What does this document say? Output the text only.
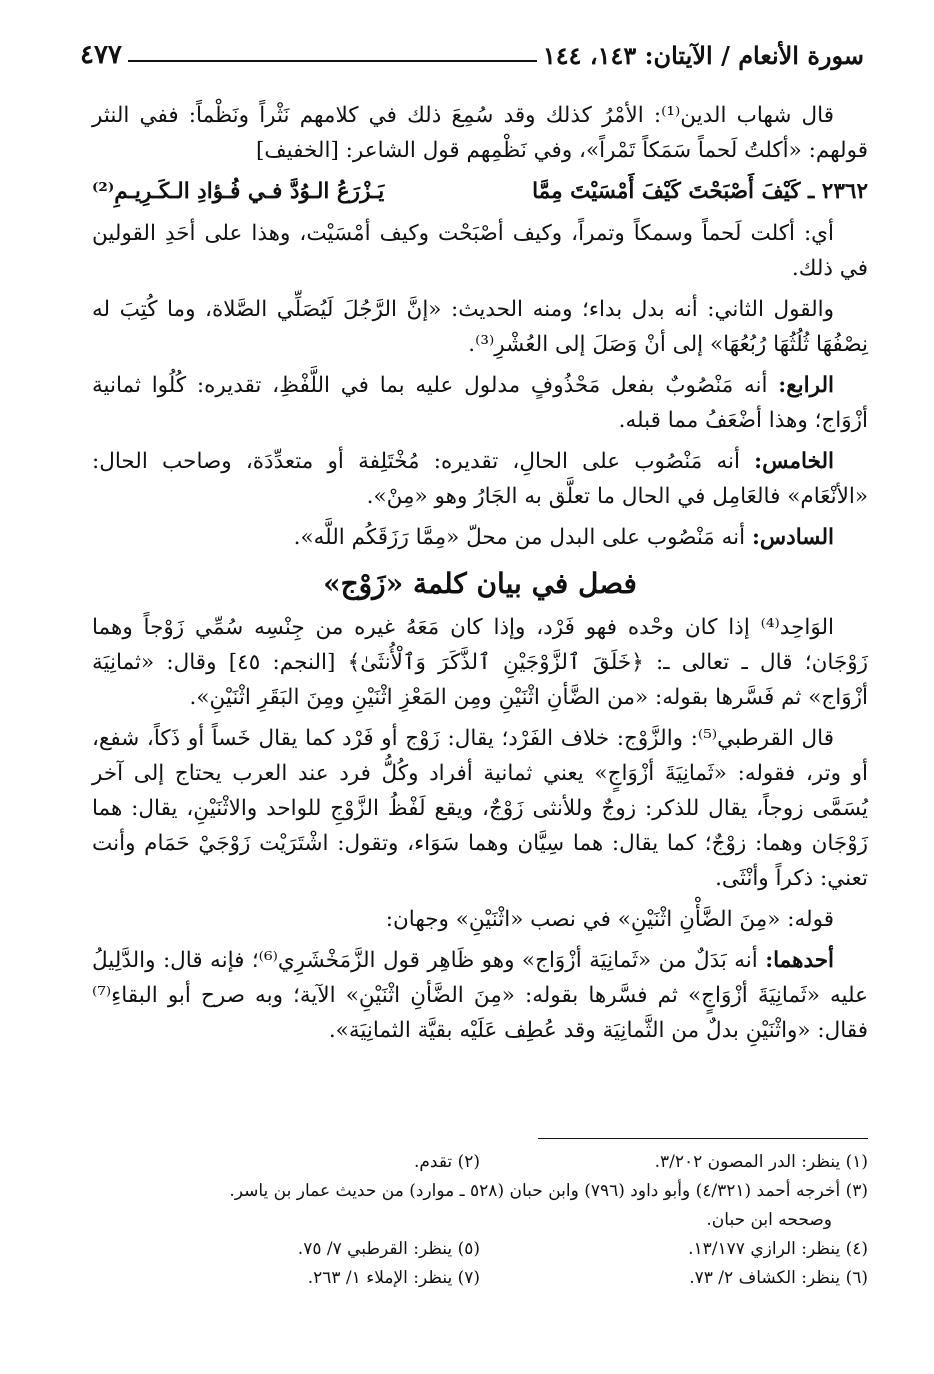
سورة الأنعام / الآيتان: ١٤٣، ١٤٤
٤٧٧

قال شهاب الدين⁽¹⁾: الأمْرُ كذلك وقد سُمِعَ ذلك في كلامهم نَثْراً ونَظْماً: ففي النثر قولهم: «أكلتُ لَحماً سَمَكاً تَمْراً»، وفي نَظْمِهم قول الشاعر: [الخفيف]

٢٣٦٢ ـ كَيْفَ أَصْبَحْتَ كَيْفَ أَمْسَيْتَ مِمَّا
يَـزْرَعُ الـوُدَّ فـي فُـؤادِ الـكَـرِيـمِ⁽²⁾

أي: أكلت لَحماً وسمكاً وتمراً، وكيف أصْبَحْت وكيف أمْسَيْت، وهذا على أحَدِ القولين في ذلك.

والقول الثاني: أنه بدل بداء؛ ومنه الحديث: «إنَّ الرَّجُلَ لَيُصَلِّي الصَّلاة، وما كُتِبَ له نِصْفُهَا ثُلُثُهَا رُبُعُهَا» إلى أنْ وَصَلَ إلى العُشْرِ⁽³⁾.

الرابع: أنه مَنْصُوبٌ بفعل مَحْذُوفٍ مدلول عليه بما في اللَّفْظِ، تقديره: كُلُوا ثمانية أزْوَاج؛ وهذا أضْعَفُ مما قبله.

الخامس: أنه مَنْصُوب على الحالِ، تقديره: مُخْتَلِفة أو متعدِّدَة، وصاحب الحال: «الأنْعَام» فالعَامِل في الحال ما تعلَّق به الجَارُ وهو «مِنْ».

السادس: أنه مَنْصُوب على البدل من محلّ «مِمَّا رَزَقَكُم اللَّه».

فصل في بيان كلمة «زَوْج»

الوَاحِد⁽⁴⁾ إذا كان وحْده فهو فَرْد، وإذا كان مَعَهُ غيره من جِنْسِه سُمِّي زَوْجاً وهما زَوْجَان؛ قال ـ تعالى ـ: ﴿خَلَقَ ٱلزَّوْجَيْنِ ٱلذَّكَرَ وَٱلْأُنثَىٰ﴾ [النجم: ٤٥] وقال: «ثمانِيَة أزْوَاج» ثم فَسَّرها بقوله: «من الضَّأنِ اثْنَيْنِ ومِن المَعْزِ اثْنَيْنِ ومِنَ البَقَرِ اثْنَيْنِ».

قال القرطبي⁽⁵⁾: والزَّوْج: خلاف الفَرْد؛ يقال: زَوْج أو فَرْد كما يقال خَساً أو ذَكاً، شفع، أو وتر، فقوله: «ثَمانِيَةَ أزْوَاجٍ» يعني ثمانية أفراد وكُلُّ فرد عند العرب يحتاج إلى آخر يُسَمَّى زوجاً، يقال للذكر: زوجٌ وللأنثى زَوْجٌ، ويقع لَفْظُ الزَّوْجِ للواحد والاثْنَيْنِ، يقال: هما زَوْجَان وهما: زوْجٌ؛ كما يقال: هما سِيَّان وهما سَوَاء، وتقول: اشْتَرَيْت زَوْجَيْ حَمَام وأنت تعني: ذكراً وأنْثَى.

قوله: «مِنَ الضَّأْنِ اثْنَيْنِ» في نصب «اثْنَيْنِ» وجهان:

أحدهما: أنه بَدَلٌ من «ثَمانِيَة أزْوَاج» وهو ظَاهِر قول الزَّمَخْشَرِي⁽⁶⁾؛ فإنه قال: والدَّلِيلُ عليه «ثَمانِيَةَ أزْوَاجٍ» ثم فسَّرها بقوله: «مِنَ الضَّأنِ اثْنَيْنِ» الآية؛ وبه صرح أبو البقاءِ⁽⁷⁾ فقال: «واثْنَيْنِ بدلٌ من الثَّمانِيَة وقد عُطِف عَلَيْه بقيَّة الثمانِيَة».

(١) ينظر: الدر المصون ٣/٢٠٢.
(٢) تقدم.
(٣) أخرجه أحمد (٤/٣٢١) وأبو داود (٧٩٦) وابن حبان (٥٢٨ ـ موارد) من حديث عمار بن ياسر.
وصححه ابن حبان.
(٤) ينظر: الرازي ١٣/١٧٧.
(٥) ينظر: القرطبي ٧/ ٧٥.
(٦) ينظر: الكشاف ٢/ ٧٣.
(٧) ينظر: الإملاء ١/ ٢٦٣.
